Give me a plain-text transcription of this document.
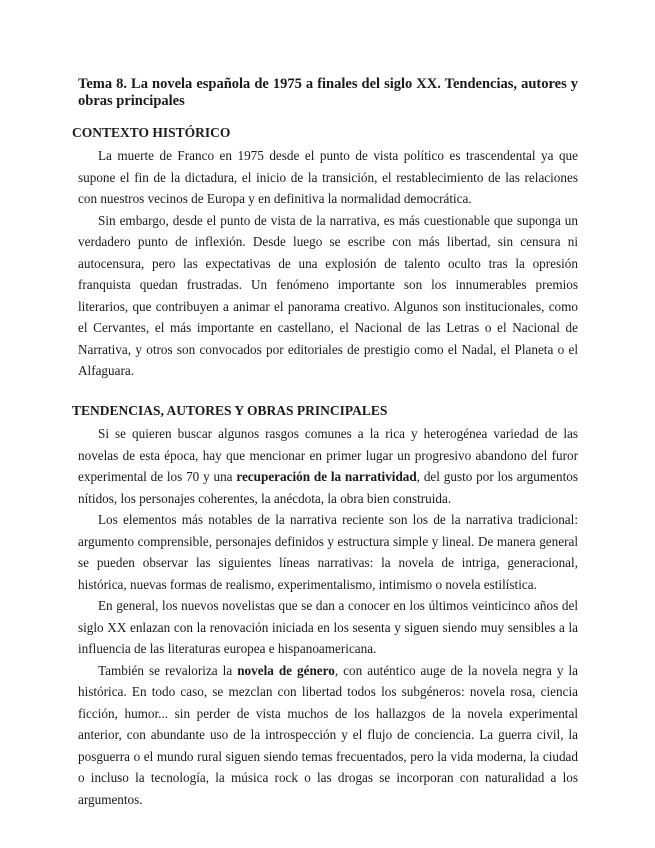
Tema 8. La novela española de 1975 a finales del siglo XX. Tendencias, autores y obras principales
CONTEXTO HISTÓRICO

La muerte de Franco en 1975 desde el punto de vista político es trascendental ya que supone el fin de la dictadura, el inicio de la transición, el restablecimiento de las relaciones con nuestros vecinos de Europa y en definitiva la normalidad democrática.

Sin embargo, desde el punto de vista de la narrativa, es más cuestionable que suponga un verdadero punto de inflexión. Desde luego se escribe con más libertad, sin censura ni autocensura, pero las expectativas de una explosión de talento oculto tras la opresión franquista quedan frustradas. Un fenómeno importante son los innumerables premios literarios, que contribuyen a animar el panorama creativo. Algunos son institucionales, como el Cervantes, el más importante en castellano, el Nacional de las Letras o el Nacional de Narrativa, y otros son convocados por editoriales de prestigio como el Nadal, el Planeta o el Alfaguara.

TENDENCIAS, AUTORES Y OBRAS PRINCIPALES

Si se quieren buscar algunos rasgos comunes a la rica y heterogénea variedad de las novelas de esta época, hay que mencionar en primer lugar un progresivo abandono del furor experimental de los 70 y una recuperación de la narratividad, del gusto por los argumentos nítidos, los personajes coherentes, la anécdota, la obra bien construida.

Los elementos más notables de la narrativa reciente son los de la narrativa tradicional: argumento comprensible, personajes definidos y estructura simple y lineal. De manera general se pueden observar las siguientes líneas narrativas: la novela de intriga, generacional, histórica, nuevas formas de realismo, experimentalismo, intimismo o novela estilística.

En general, los nuevos novelistas que se dan a conocer en los últimos veinticinco años del siglo XX enlazan con la renovación iniciada en los sesenta y siguen siendo muy sensibles a la influencia de las literaturas europea e hispanoamericana.

También se revaloriza la novela de género, con auténtico auge de la novela negra y la histórica. En todo caso, se mezclan con libertad todos los subgéneros: novela rosa, ciencia ficción, humor... sin perder de vista muchos de los hallazgos de la novela experimental anterior, con abundante uso de la introspección y el flujo de conciencia. La guerra civil, la posguerra o el mundo rural siguen siendo temas frecuentados, pero la vida moderna, la ciudad o incluso la tecnología, la música rock o las drogas se incorporan con naturalidad a los argumentos.
